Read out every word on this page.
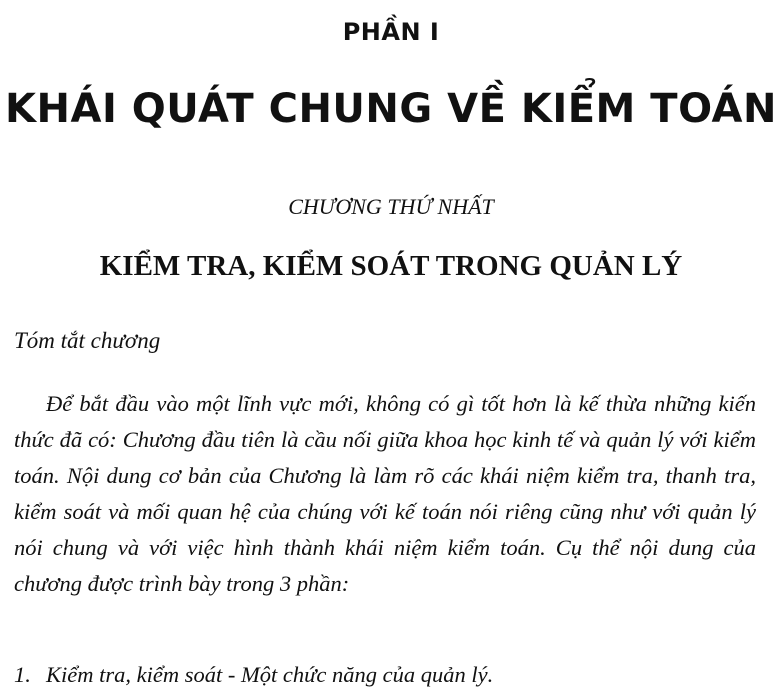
PHẦN I
KHÁI QUÁT CHUNG VỀ KIỂM TOÁN
CHƯƠNG THỨ NHẤT
KIỂM TRA, KIỂM SOÁT TRONG QUẢN LÝ
Tóm tắt chương

Để bắt đầu vào một lĩnh vực mới, không có gì tốt hơn là kế thừa những kiến thức đã có: Chương đầu tiên là cầu nối giữa khoa học kinh tế và quản lý với kiểm toán. Nội dung cơ bản của Chương là làm rõ các khái niệm kiểm tra, thanh tra, kiểm soát và mối quan hệ của chúng với kế toán nói riêng cũng như với quản lý nói chung và với việc hình thành khái niệm kiểm toán. Cụ thể nội dung của chương được trình bày trong 3 phần:

1. Kiểm tra, kiểm soát - Một chức năng của quản lý.
